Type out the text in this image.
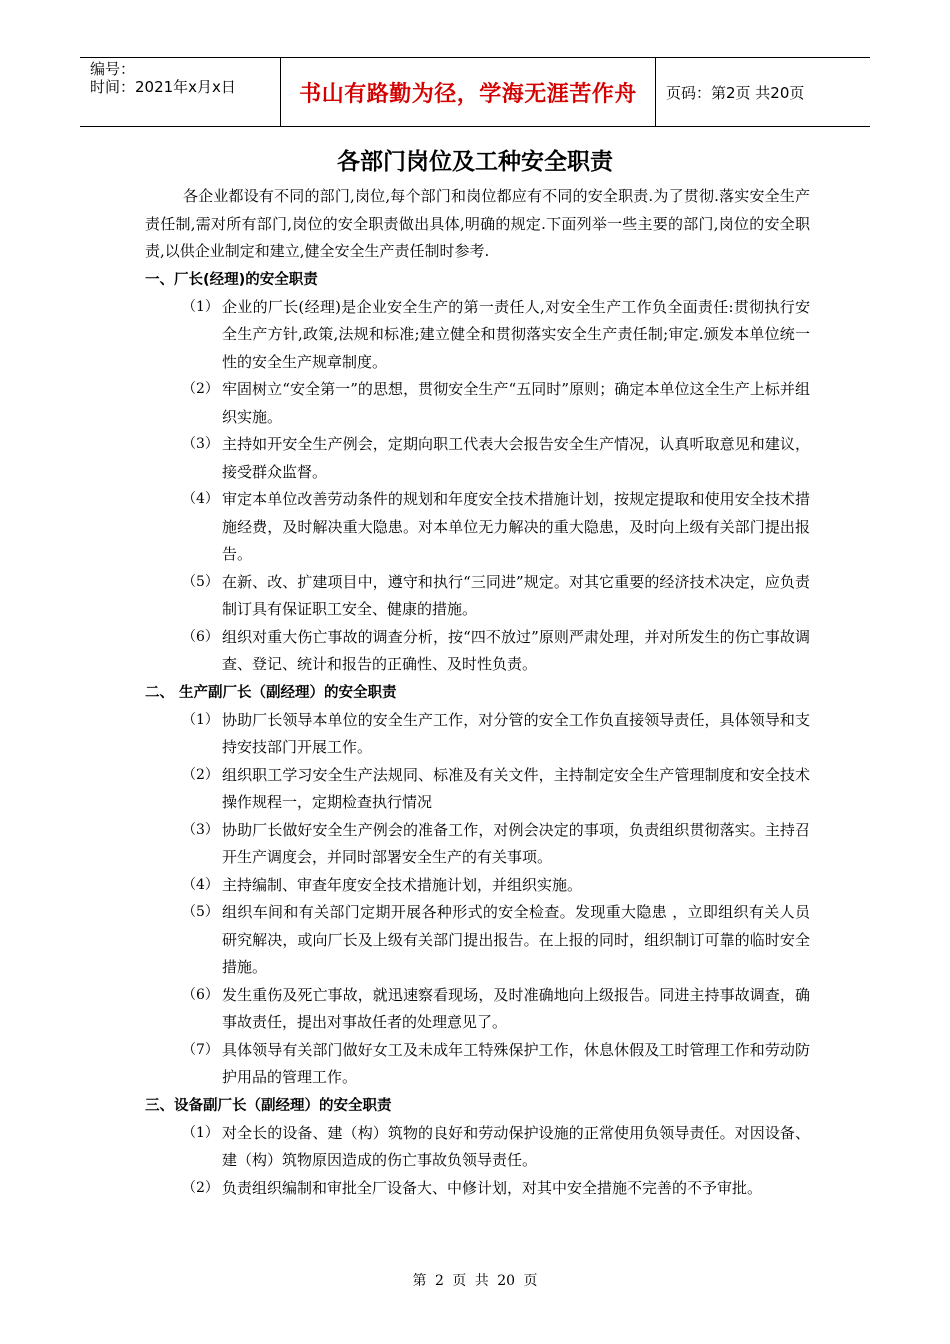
编号：
时间：2021年x月x日	书山有路勤为径，学海无涯苦作舟 页码：第2页 共20页
各部门岗位及工种安全职责

各企业都设有不同的部门,岗位,每个部门和岗位都应有不同的安全职责.为了贯彻.落实安全生产责任制,需对所有部门,岗位的安全职责做出具体,明确的规定.下面列举一些主要的部门,岗位的安全职责,以供企业制定和建立,健全安全生产责任制时参考.

一、厂长(经理)的安全职责

（1） 企业的厂长(经理)是企业安全生产的第一责任人,对安全生产工作负全面责任:贯彻执行安全生产方针,政策,法规和标准;建立健全和贯彻落实安全生产责任制;审定.颁发本单位统一性的安全生产规章制度。
（2） 牢固树立“安全第一”的思想，贯彻安全生产“五同时”原则；确定本单位这全生产上标并组织实施。
（3） 主持如开安全生产例会，定期向职工代表大会报告安全生产情况，认真听取意见和建议，接受群众监督。
（4） 审定本单位改善劳动条件的规划和年度安全技术措施计划，按规定提取和使用安全技术措施经费，及时解决重大隐患。对本单位无力解决的重大隐患，及时向上级有关部门提出报告。
（5） 在新、改、扩建项目中，遵守和执行“三同进”规定。对其它重要的经济技术决定，应负责制订具有保证职工安全、健康的措施。
（6） 组织对重大伤亡事故的调查分析，按“四不放过”原则严肃处理，并对所发生的伤亡事故调查、登记、统计和报告的正确性、及时性负责。

二、 生产副厂长（副经理）的安全职责

（1） 协助厂长领导本单位的安全生产工作，对分管的安全工作负直接领导责任，具体领导和支持安技部门开展工作。
（2） 组织职工学习安全生产法规同、标准及有关文件，主持制定安全生产管理制度和安全技术操作规程一，定期检查执行情况
（3） 协助厂长做好安全生产例会的准备工作，对例会决定的事项，负责组织贯彻落实。主持召开生产调度会，并同时部署安全生产的有关事项。
（4） 主持编制、审查年度安全技术措施计划，并组织实施。
（5） 组织车间和有关部门定期开展各种形式的安全检查。发现重大隐患 ，立即组织有关人员研究解决，或向厂长及上级有关部门提出报告。在上报的同时，组织制订可靠的临时安全措施。
（6） 发生重伤及死亡事故，就迅速察看现场，及时准确地向上级报告。同进主持事故调查，确事故责任，提出对事故任者的处理意见了。
（7） 具体领导有关部门做好女工及未成年工特殊保护工作，休息休假及工时管理工作和劳动防护用品的管理工作。

三、设备副厂长（副经理）的安全职责

（1） 对全长的设备、建（构）筑物的良好和劳动保护设施的正常使用负领导责任。对因设备、建（构）筑物原因造成的伤亡事故负领导责任。
（2） 负责组织编制和审批全厂设备大、中修计划，对其中安全措施不完善的不予审批。
第 2 页 共 20 页
